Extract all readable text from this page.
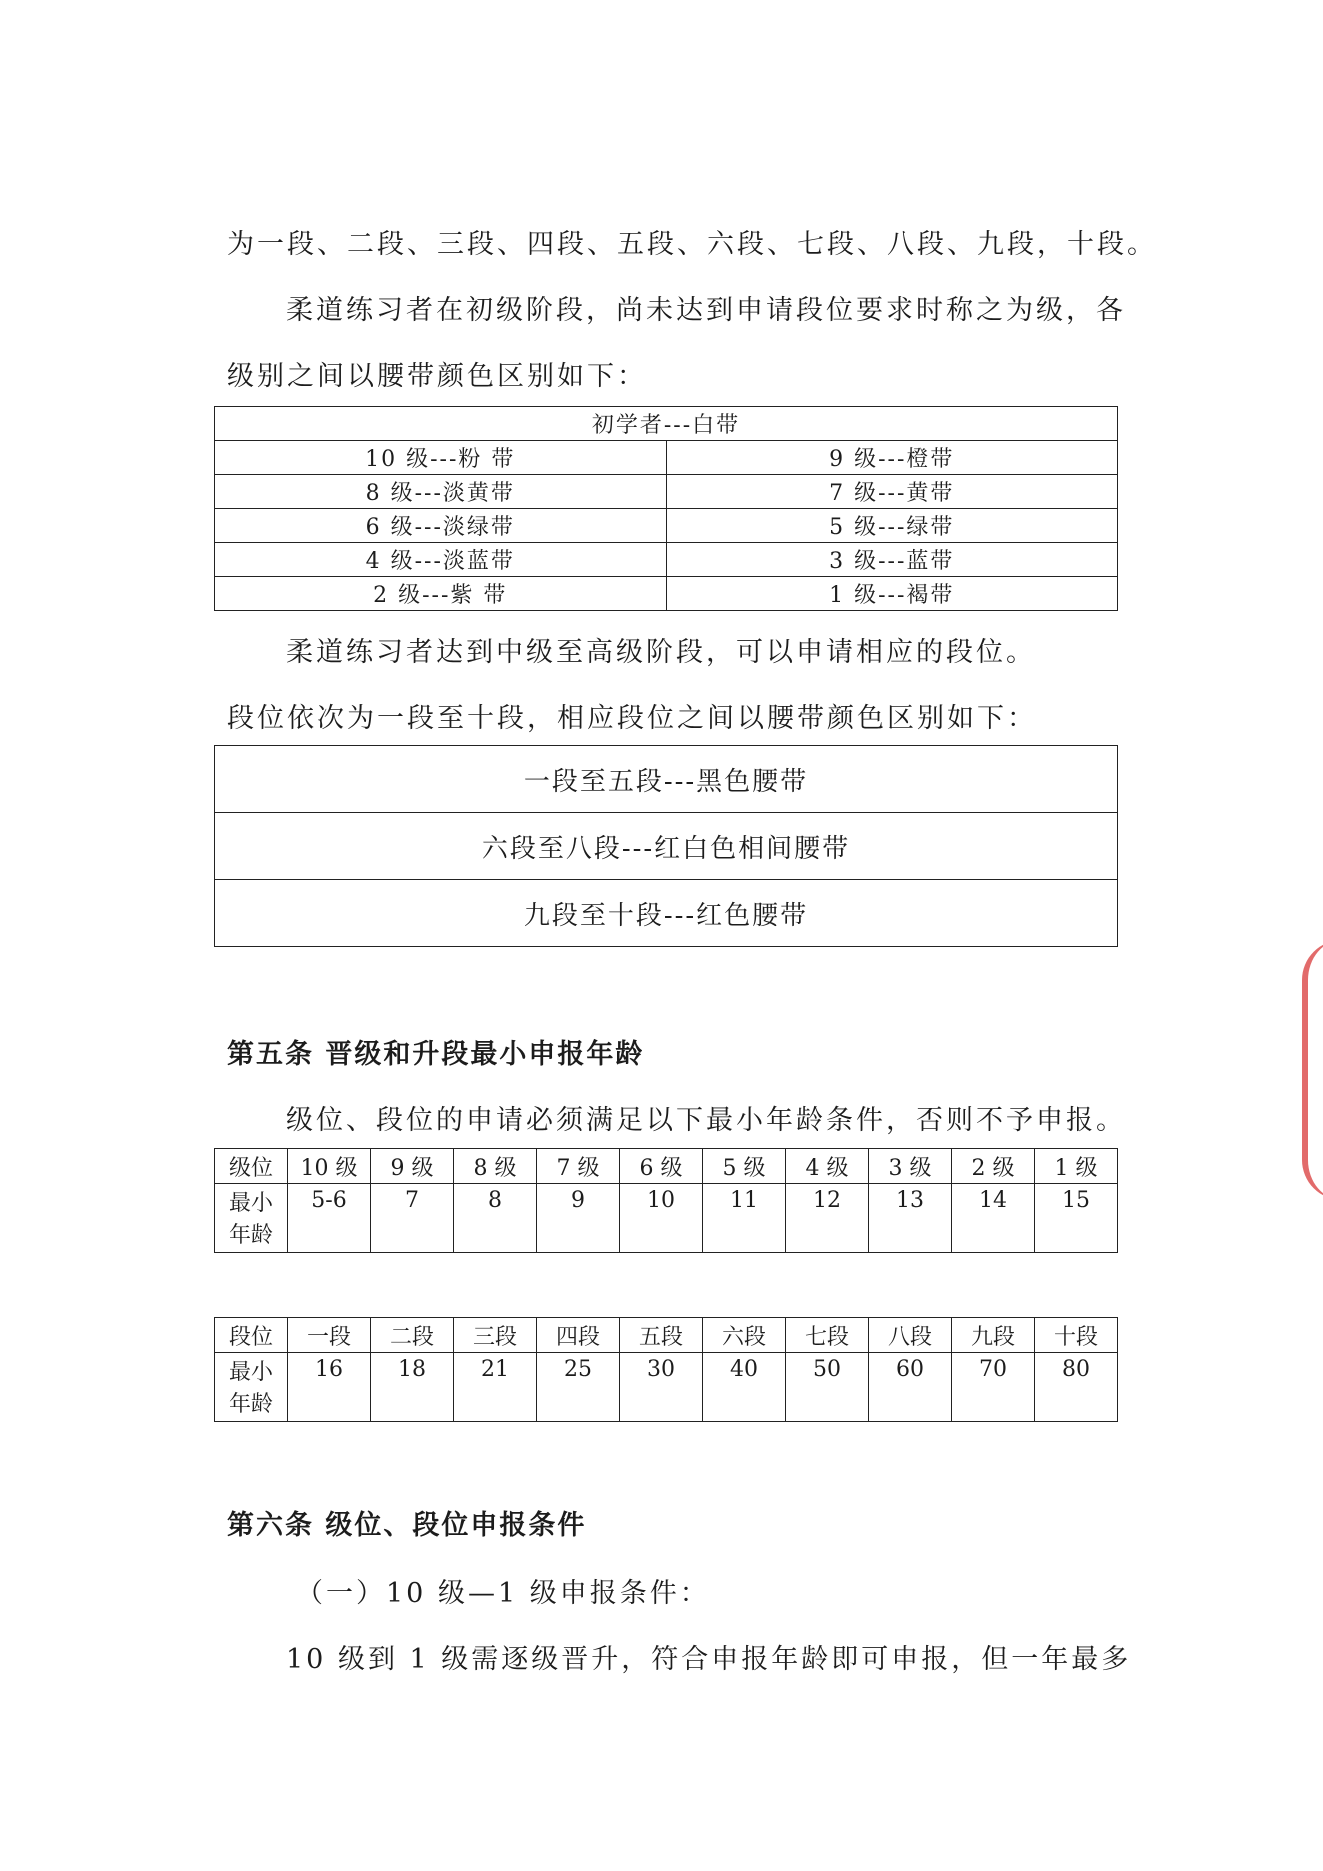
为一段、二段、三段、四段、五段、六段、七段、八段、九段，十段。
柔道练习者在初级阶段，尚未达到申请段位要求时称之为级，各
级别之间以腰带颜色区别如下：
初学者---白带	
10 级---粉 带	9 级---橙带
8 级---淡黄带	7 级---黄带
6 级---淡绿带	5 级---绿带
4 级---淡蓝带	3 级---蓝带
2 级---紫 带	1 级---褐带
柔道练习者达到中级至高级阶段，可以申请相应的段位。
段位依次为一段至十段，相应段位之间以腰带颜色区别如下：
一段至五段---黑色腰带
六段至八段---红白色相间腰带
九段至十段---红色腰带
第五条 晋级和升段最小申报年龄
级位、段位的申请必须满足以下最小年龄条件，否则不予申报。
级位	10 级	9 级	8 级	7 级	6 级	5 级	4 级	3 级	2 级	1 级

最小年龄	5-6	7	8	9	10	11	12	13	14	15
段位	一段	二段	三段	四段	五段	六段	七段	八段	九段	十段

最小年龄	16	18	21	25	30	40	50	60	70	80
第六条 级位、段位申报条件
（一）10 级—1 级申报条件：
10 级到 1 级需逐级晋升，符合申报年龄即可申报，但一年最多
